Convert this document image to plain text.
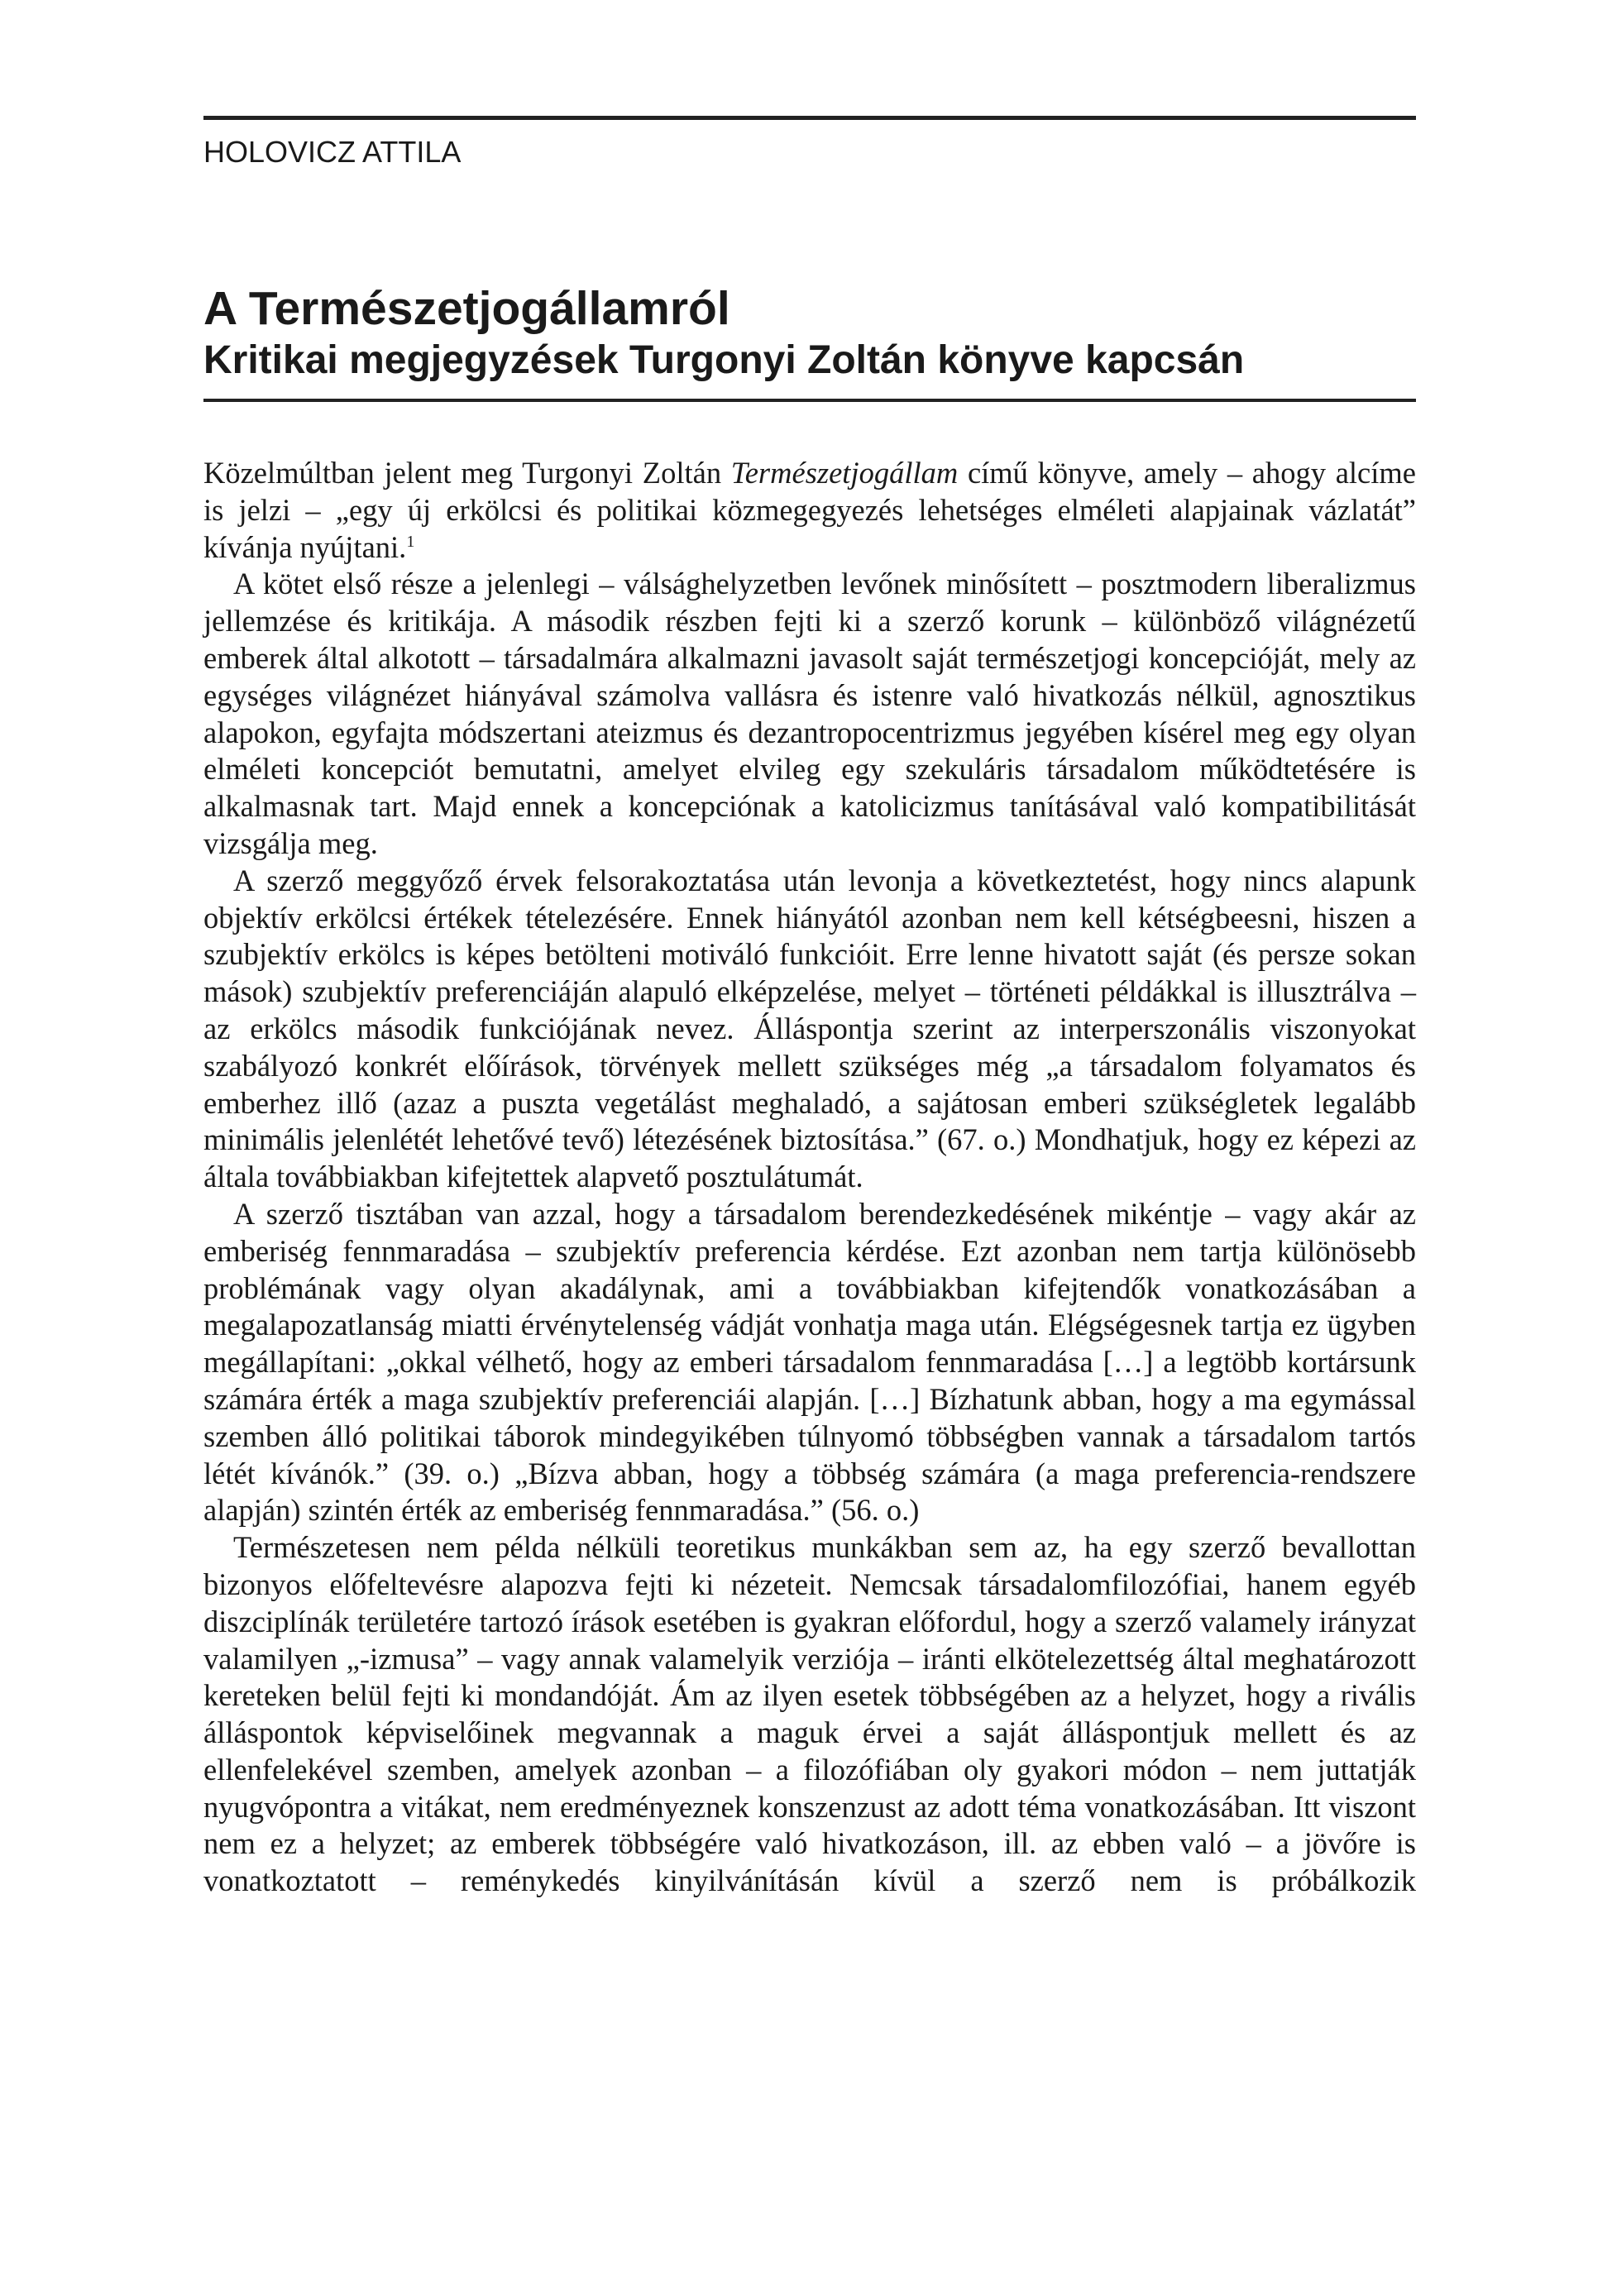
HOLOVICZ ATTILA
A Természetjogállamról
Kritikai megjegyzések Turgonyi Zoltán könyve kapcsán

Közelmúltban jelent meg Turgonyi Zoltán Természetjogállam című könyve, amely – ahogy alcíme is jelzi – „egy új erkölcsi és politikai közmegegyezés lehetséges elméleti alapjainak vázlatát” kívánja nyújtani.$^1$

A kötet első része a jelenlegi – válsághelyzetben levőnek minősített – posztmodern liberalizmus jellemzése és kritikája. A második részben fejti ki a szerző korunk – különböző világnézetű emberek által alkotott – társadalmára alkalmazni javasolt saját természetjogi koncepcióját, mely az egységes világnézet hiányával számolva vallásra és istenre való hivatkozás nélkül, agnosztikus alapokon, egyfajta módszertani ateizmus és dezantropocentrizmus jegyében kísérel meg egy olyan elméleti koncepciót bemutatni, amelyet elvileg egy szekuláris társadalom működtetésére is alkalmasnak tart. Majd ennek a koncepciónak a katolicizmus tanításával való kompatibilitását vizsgálja meg.

A szerző meggyőző érvek felsorakoztatása után levonja a következtetést, hogy nincs alapunk objektív erkölcsi értékek tételezésére. Ennek hiányától azonban nem kell kétségbeesni, hiszen a szubjektív erkölcs is képes betölteni motiváló funkcióit. Erre lenne hivatott saját (és persze sokan mások) szubjektív preferenciáján alapuló elképzelése, melyet – történeti példákkal is illusztrálva – az erkölcs második funkciójának nevez. Álláspontja szerint az interperszonális viszonyokat szabályozó konkrét előírások, törvények mellett szükséges még „a társadalom folyamatos és emberhez illő (azaz a puszta vegetálást meghaladó, a sajátosan emberi szükségletek legalább minimális jelenlétét lehetővé tevő) létezésének biztosítása.” (67. o.) Mondhatjuk, hogy ez képezi az általa továbbiakban kifejtettek alapvető posztulátumát.

A szerző tisztában van azzal, hogy a társadalom berendezkedésének mikéntje – vagy akár az emberiség fennmaradása – szubjektív preferencia kérdése. Ezt azonban nem tartja különösebb problémának vagy olyan akadálynak, ami a továbbiakban kifejtendők vonatkozásában a megalapozatlanság miatti érvénytelenség vádját vonhatja maga után. Elégségesnek tartja ez ügyben megállapítani: „okkal vélhető, hogy az emberi társadalom fennmaradása […] a legtöbb kortársunk számára érték a maga szubjektív preferenciái alapján. […] Bízhatunk abban, hogy a ma egymással szemben álló politikai táborok mindegyikében túlnyomó többségben vannak a társadalom tartós létét kívánók.” (39. o.) „Bízva abban, hogy a többség számára (a maga preferencia-rendszere alapján) szintén érték az emberiség fennmaradása.” (56. o.)

Természetesen nem példa nélküli teoretikus munkákban sem az, ha egy szerző bevallottan bizonyos előfeltevésre alapozva fejti ki nézeteit. Nemcsak társadalomfilozófiai, hanem egyéb diszciplínák területére tartozó írások esetében is gyakran előfordul, hogy a szerző valamely irányzat valamilyen „-izmusa” – vagy annak valamelyik verziója – iránti elkötelezettség által meghatározott kereteken belül fejti ki mondandóját. Ám az ilyen esetek többségében az a helyzet, hogy a rivális álláspontok képviselőinek megvannak a maguk érvei a saját álláspontjuk mellett és az ellenfelekével szemben, amelyek azonban – a filozófiában oly gyakori módon – nem juttatják nyugvópontra a vitákat, nem eredményeznek konszenzust az adott téma vonatkozásában. Itt viszont nem ez a helyzet; az emberek többségére való hivatkozáson, ill. az ebben való – a jövőre is vonatkoztatott – reménykedés kinyilvánításán kívül a szerző nem is próbálkozik
